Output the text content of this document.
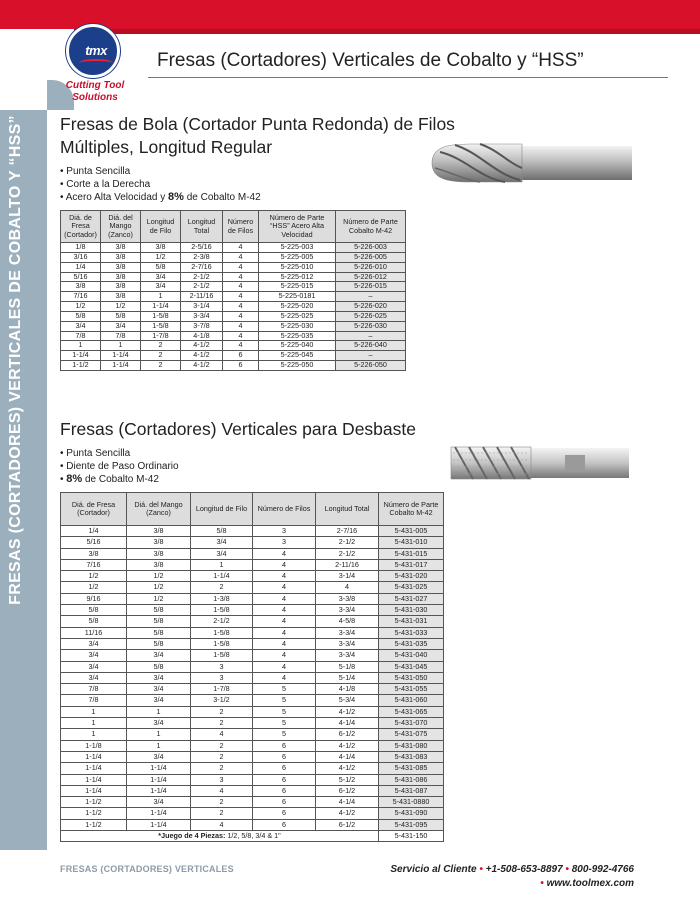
FRESAS (CORTADORES) VERTICALES DE COBALTO Y “HSS”
tmx
Cutting Tool
Solutions
Fresas (Cortadores) Verticales de Cobalto y “HSS”
Fresas de Bola (Cortador Punta Redonda) de Filos Múltiples, Longitud Regular
• Punta Sencilla
• Corte a la Derecha
• Acero Alta Velocidad y 8% de Cobalto M-42
Diá. de Fresa (Cortador)	Diá. del Mango (Zanco)	Longitud de Filo	Longitud Total	Número de Filos	Número de Parte “HSS” Acero Alta Velocidad	Número de Parte Cobalto M-42
1/8	3/8	3/8	2-5/16	4	5-225-003	5-226-003
3/16	3/8	1/2	2-3/8	4	5-225-005	5-226-005
1/4	3/8	5/8	2-7/16	4	5-225-010	5-226-010
5/16	3/8	3/4	2-1/2	4	5-225-012	5-226-012
3/8	3/8	3/4	2-1/2	4	5-225-015	5-226-015
7/16	3/8	1	2-11/16	4	5-225-0181	–
1/2	1/2	1-1/4	3-1/4	4	5-225-020	5-226-020
5/8	5/8	1-5/8	3-3/4	4	5-225-025	5-226-025
3/4	3/4	1-5/8	3-7/8	4	5-225-030	5-226-030
7/8	7/8	1-7/8	4-1/8	4	5-225-035	–
1	1	2	4-1/2	4	5-225-040	5-226-040
1-1/4	1-1/4	2	4-1/2	6	5-225-045	–
1-1/2	1-1/4	2	4-1/2	6	5-225-050	5-226-050
Fresas (Cortadores) Verticales para Desbaste
• Punta Sencilla
• Diente de Paso Ordinario
• 8% de Cobalto M-42
Diá. de Fresa (Cortador)	Diá. del Mango (Zanco)	Longitud de Filo	Número de Filos	Longitud Total	Número de Parte Cobalto M-42
1/4	3/8	5/8	3	2-7/16	5-431-005
5/16	3/8	3/4	3	2-1/2	5-431-010
3/8	3/8	3/4	4	2-1/2	5-431-015
7/16	3/8	1	4	2-11/16	5-431-017
1/2	1/2	1-1/4	4	3-1/4	5-431-020
1/2	1/2	2	4	4	5-431-025
9/16	1/2	1-3/8	4	3-3/8	5-431-027
5/8	5/8	1-5/8	4	3-3/4	5-431-030
5/8	5/8	2-1/2	4	4-5/8	5-431-031
11/16	5/8	1-5/8	4	3-3/4	5-431-033
3/4	5/8	1-5/8	4	3-3/4	5-431-035
3/4	3/4	1-5/8	4	3-3/4	5-431-040
3/4	5/8	3	4	5-1/8	5-431-045
3/4	3/4	3	4	5-1/4	5-431-050
7/8	3/4	1-7/8	5	4-1/8	5-431-055
7/8	3/4	3-1/2	5	5-3/4	5-431-060
1	1	2	5	4-1/2	5-431-065
1	3/4	2	5	4-1/4	5-431-070
1	1	4	5	6-1/2	5-431-075
1-1/8	1	2	6	4-1/2	5-431-080
1-1/4	3/4	2	6	4-1/4	5-431-083
1-1/4	1-1/4	2	6	4-1/2	5-431-085
1-1/4	1-1/4	3	6	5-1/2	5-431-086
1-1/4	1-1/4	4	6	6-1/2	5-431-087
1-1/2	3/4	2	6	4-1/4	5-431-0880
1-1/2	1-1/4	2	6	4-1/2	5-431-090
1-1/2	1-1/4	4	6	6-1/2	5-431-095
*Juego de 4 Piezas: 1/2, 5/8, 3/4 & 1"					5-431-150
120
FRESAS (CORTADORES) VERTICALES	Servicio al Cliente • +1-508-653-8897 • 800-992-4766
• www.toolmex.com
